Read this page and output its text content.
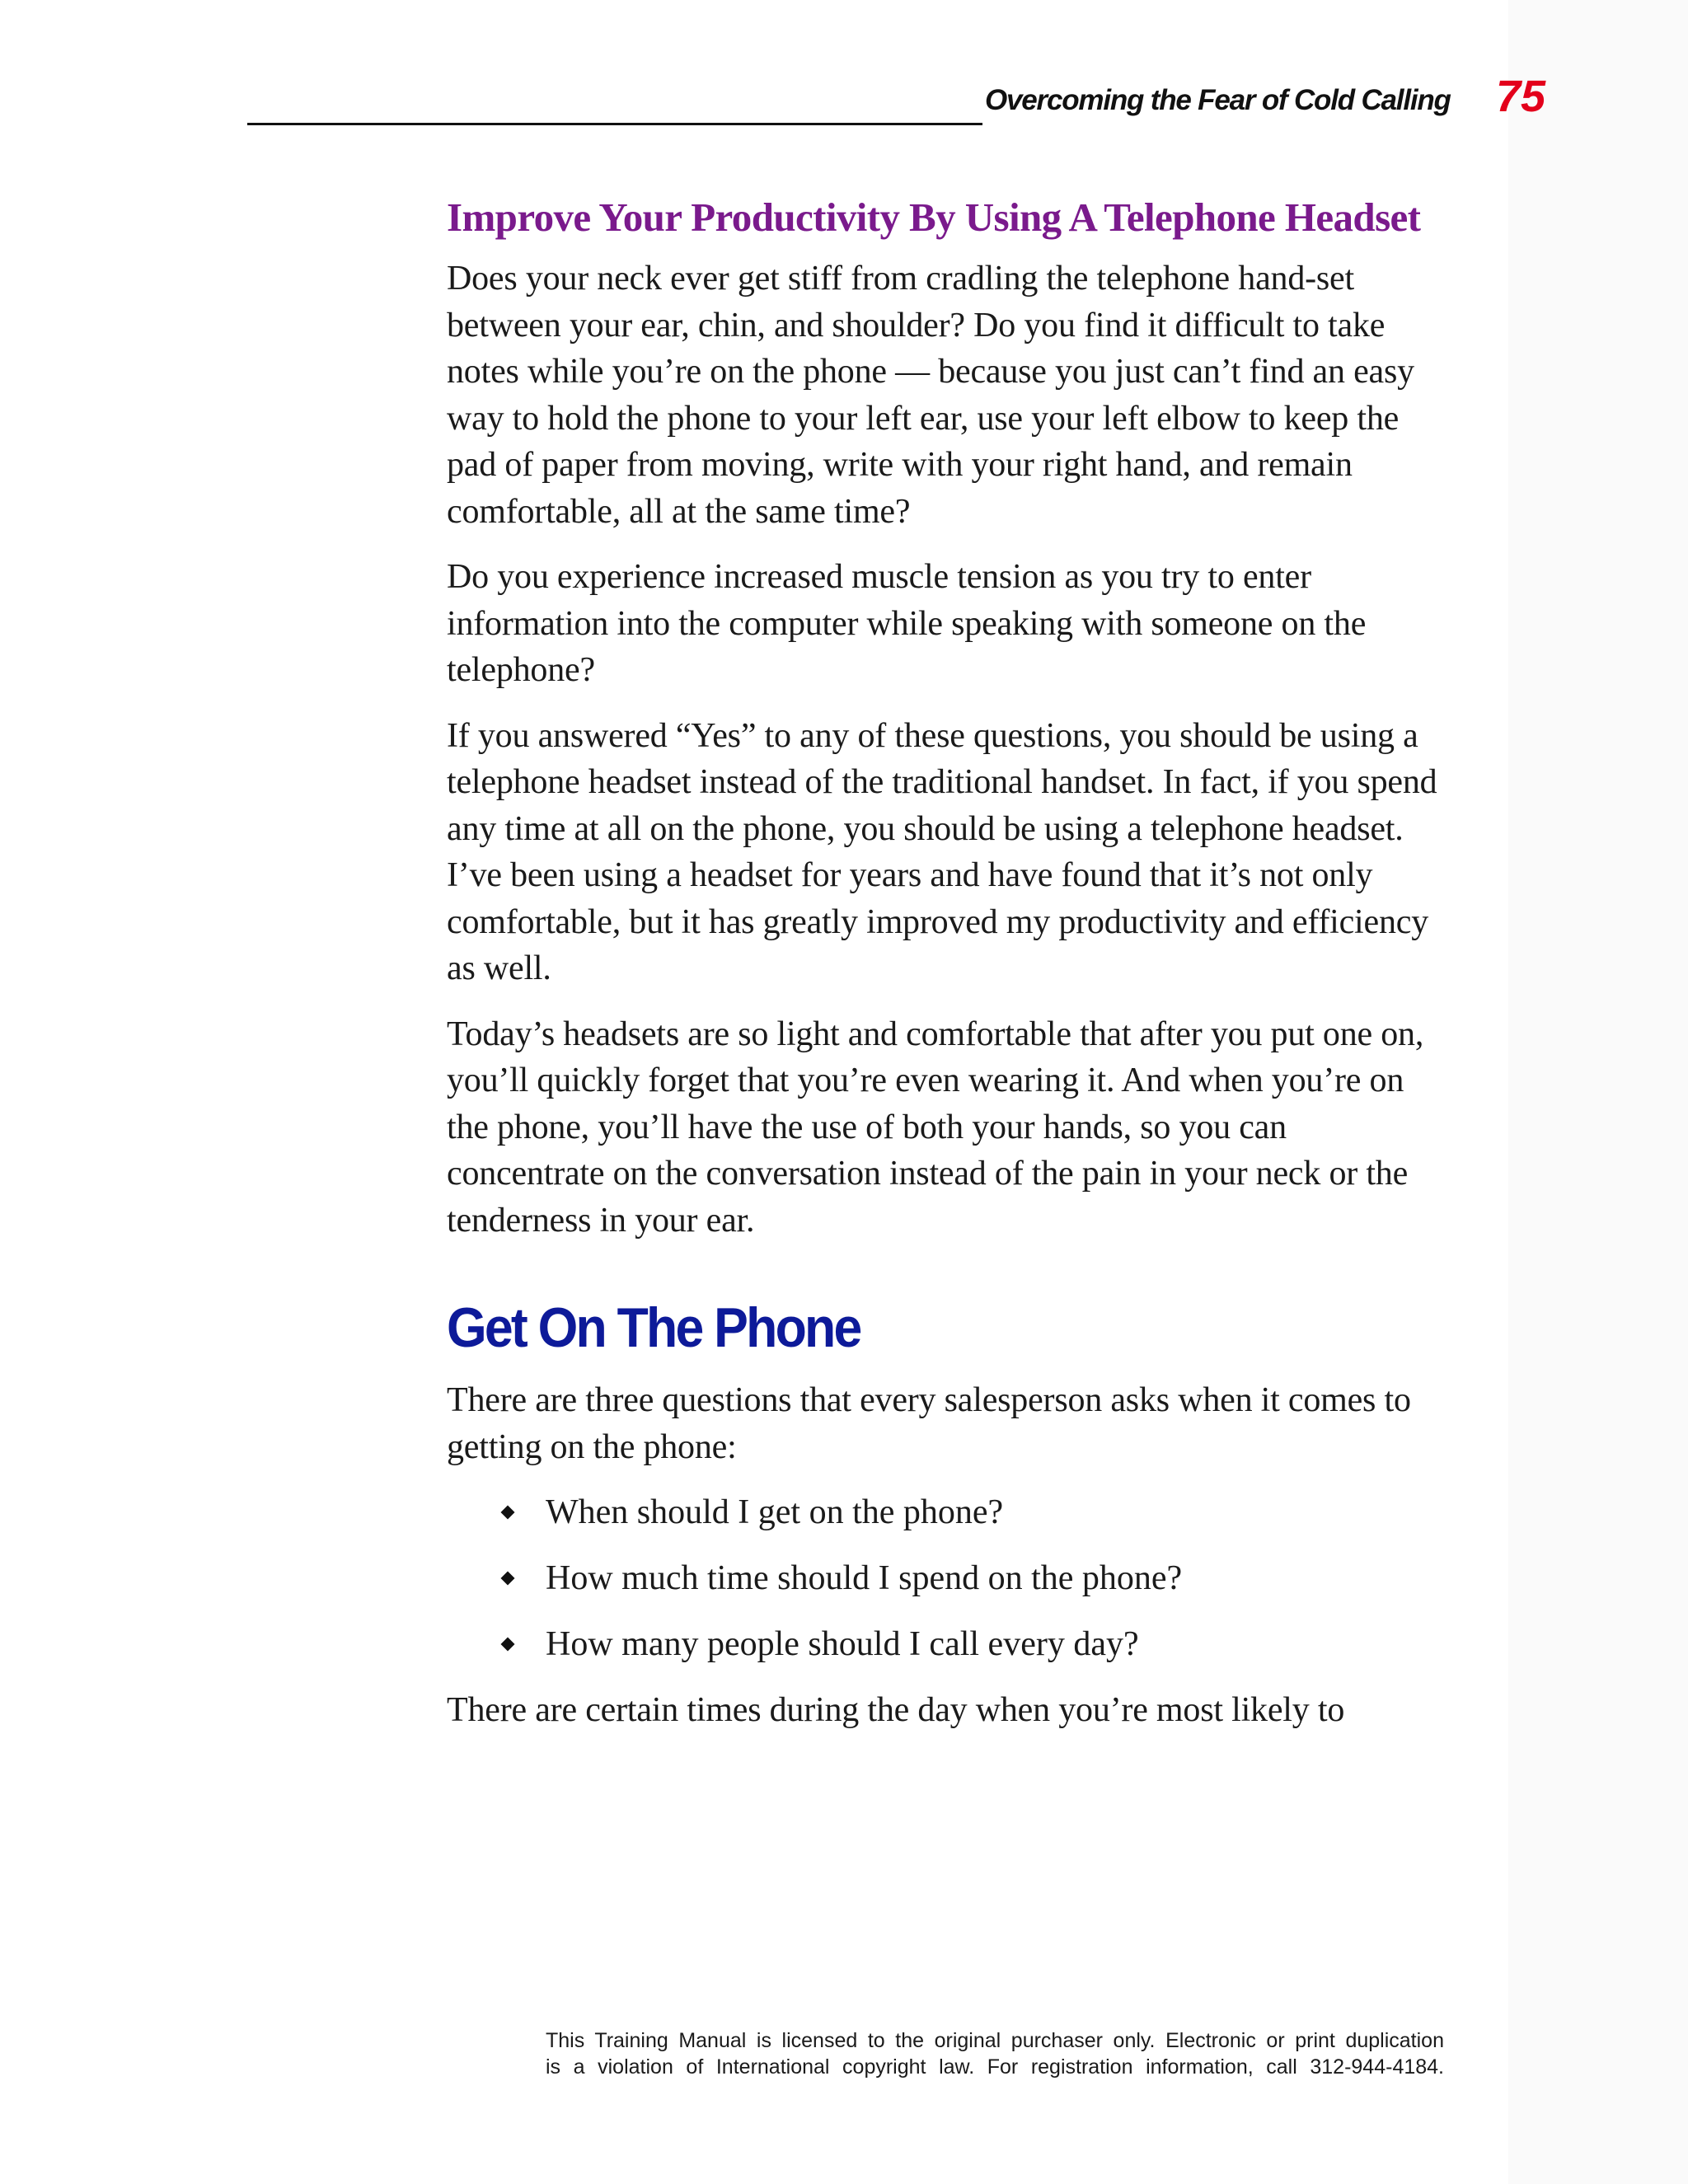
Overcoming the Fear of Cold Calling 75
Improve Your Productivity By Using A Telephone Headset

Does your neck ever get stiff from cradling the telephone hand-set between your ear, chin, and shoulder? Do you find it difficult to take notes while you’re on the phone — because you just can’t find an easy way to hold the phone to your left ear, use your left elbow to keep the pad of paper from moving, write with your right hand, and remain comfortable, all at the same time?

Do you experience increased muscle tension as you try to enter information into the computer while speaking with someone on the telephone?

If you answered “Yes” to any of these questions, you should be using a telephone headset instead of the traditional handset. In fact, if you spend any time at all on the phone, you should be using a telephone headset. I’ve been using a headset for years and have found that it’s not only comfortable, but it has greatly improved my productivity and efficiency as well.

Today’s headsets are so light and comfortable that after you put one on, you’ll quickly forget that you’re even wearing it. And when you’re on the phone, you’ll have the use of both your hands, so you can concentrate on the conversation instead of the pain in your neck or the tenderness in your ear.

Get On The Phone

There are three questions that every salesperson asks when it comes to getting on the phone:

When should I get on the phone?
How much time should I spend on the phone?
How many people should I call every day?

There are certain times during the day when you’re most likely to

This Training Manual is licensed to the original purchaser only. Electronic or print duplication
is a violation of International copyright law. For registration information, call 312-944-4184.
